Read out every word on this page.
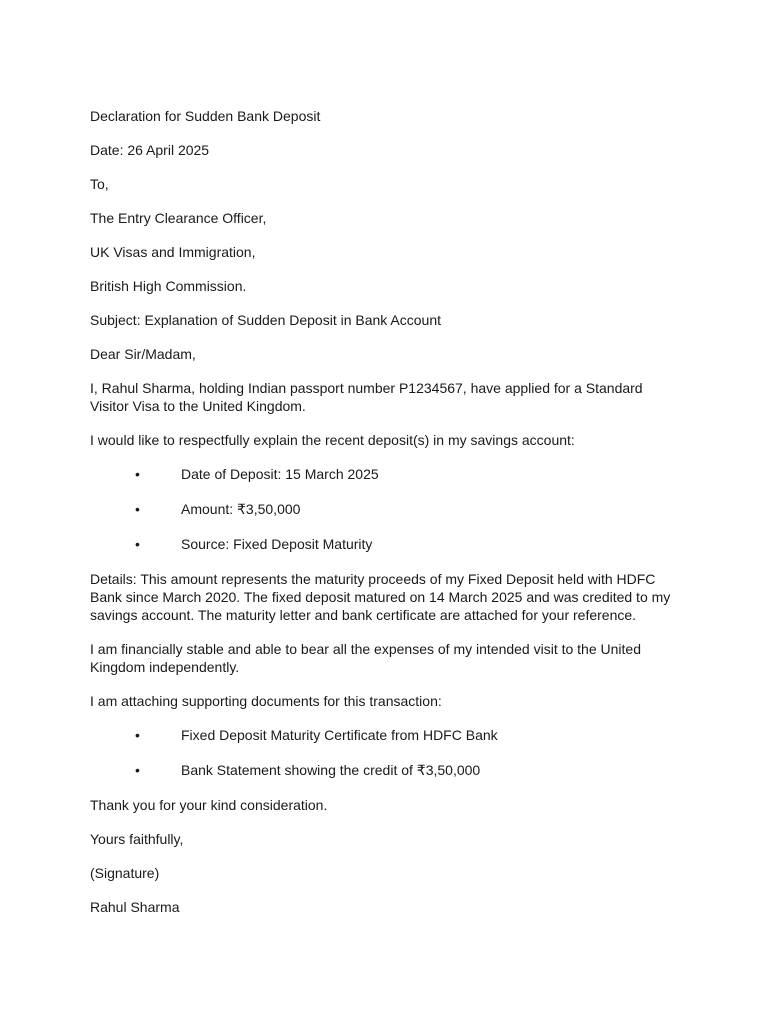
Declaration for Sudden Bank Deposit

Date: 26 April 2025

To,

The Entry Clearance Officer,

UK Visas and Immigration,

British High Commission.

Subject: Explanation of Sudden Deposit in Bank Account

Dear Sir/Madam,

I, Rahul Sharma, holding Indian passport number P1234567, have applied for a Standard Visitor Visa to the United Kingdom.

I would like to respectfully explain the recent deposit(s) in my savings account:

•	Date of Deposit: 15 March 2025
•	Amount: ₹3,50,000
•	Source: Fixed Deposit Maturity

Details: This amount represents the maturity proceeds of my Fixed Deposit held with HDFC Bank since March 2020. The fixed deposit matured on 14 March 2025 and was credited to my savings account. The maturity letter and bank certificate are attached for your reference.

I am financially stable and able to bear all the expenses of my intended visit to the United Kingdom independently.

I am attaching supporting documents for this transaction:

•	Fixed Deposit Maturity Certificate from HDFC Bank
•	Bank Statement showing the credit of ₹3,50,000

Thank you for your kind consideration.

Yours faithfully,

(Signature)

Rahul Sharma
